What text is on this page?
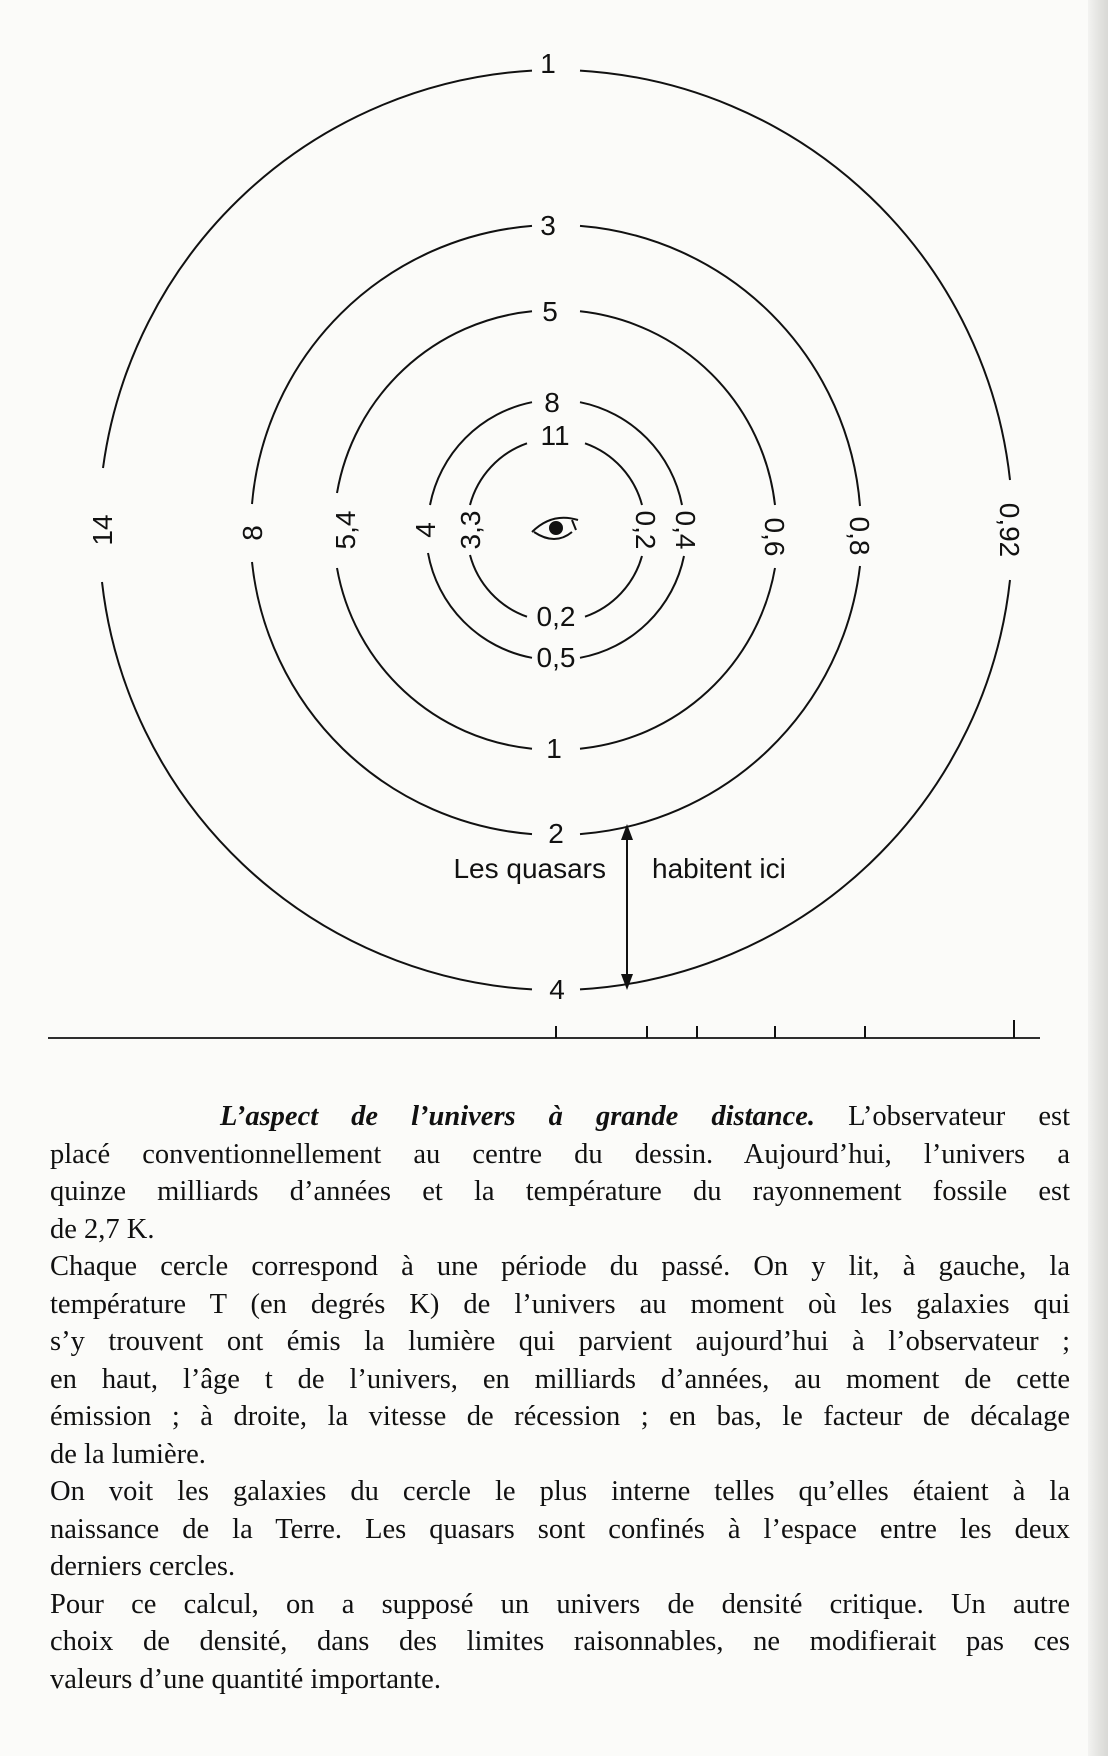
1
3
5
8
11
4
2
1
0,5
0,2
14	8 5,4 4 3,3	0,92
0,8
0,6
0,4
0,2
Les quasars habitent ici

L’aspect de l’univers à grande distance. L’observateur est

placé conventionnellement au centre du dessin. Aujourd’hui, l’univers a

quinze milliards d’années et la température du rayonnement fossile est

de 2,7 K.

Chaque cercle correspond à une période du passé. On y lit, à gauche, la

température T (en degrés K) de l’univers au moment où les galaxies qui

s’y trouvent ont émis la lumière qui parvient aujourd’hui à l’observateur ;

en haut, l’âge t de l’univers, en milliards d’années, au moment de cette

émission ; à droite, la vitesse de récession ; en bas, le facteur de décalage

de la lumière.

On voit les galaxies du cercle le plus interne telles qu’elles étaient à la

naissance de la Terre. Les quasars sont confinés à l’espace entre les deux

derniers cercles.

Pour ce calcul, on a supposé un univers de densité critique. Un autre

choix de densité, dans des limites raisonnables, ne modifierait pas ces

valeurs d’une quantité importante.
